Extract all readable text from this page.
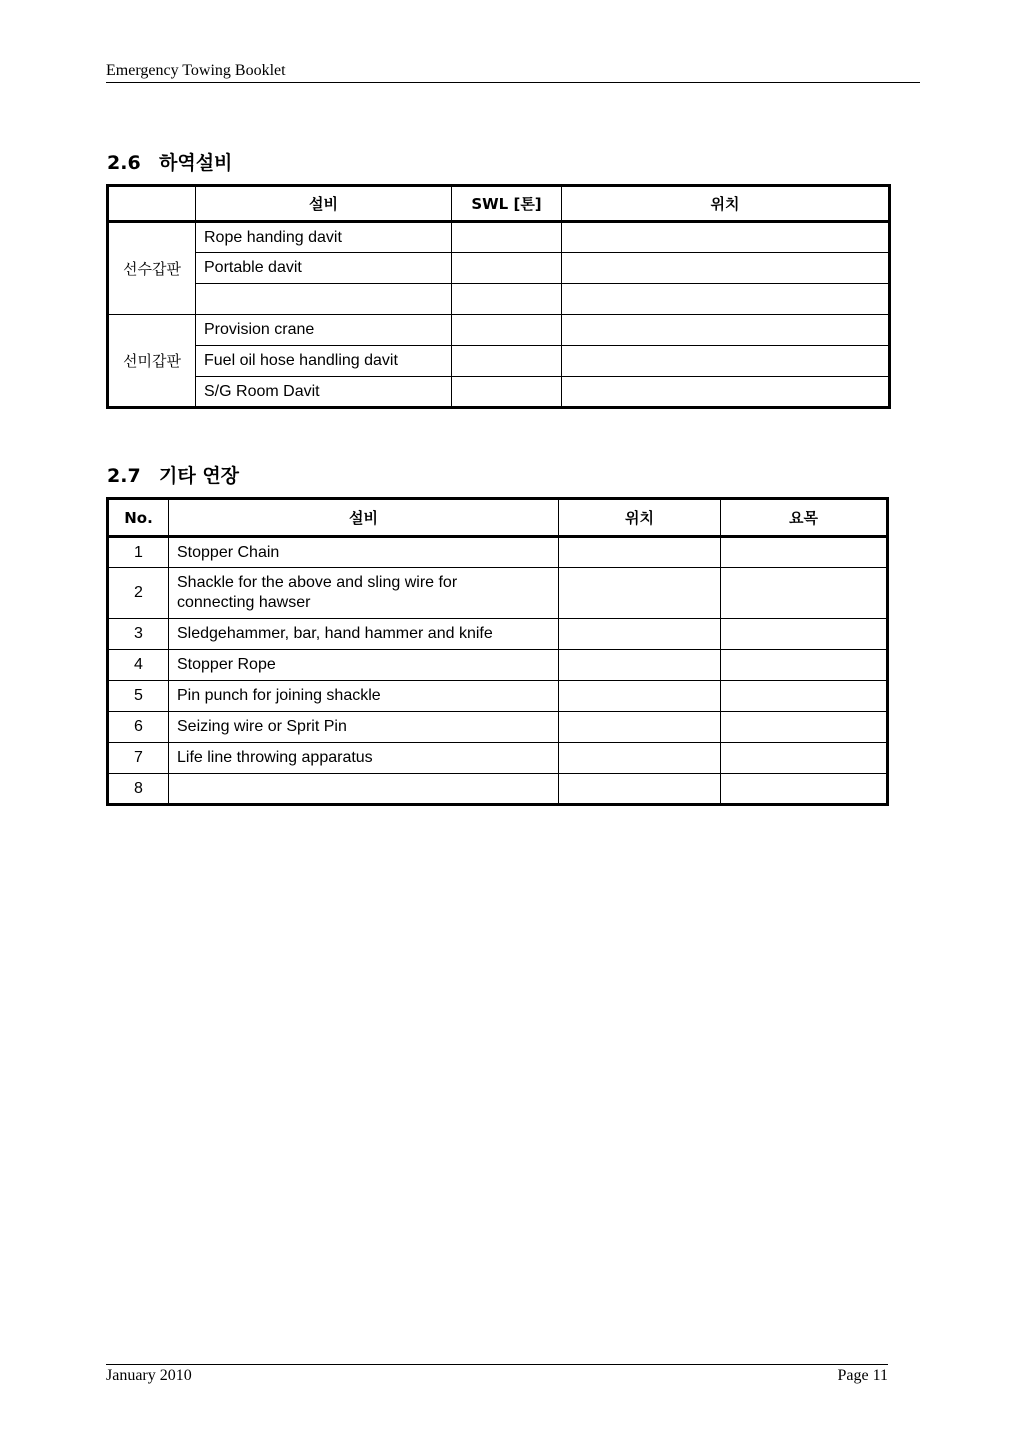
Emergency Towing Booklet
2.6 하역설비
	설비	SWL [톤]	위치
선수갑판	Rope handing davit		
	Portable davit		

선미갑판	Provision crane		
	Fuel oil hose handling davit		
	S/G Room Davit		
2.7 기타 연장
No.	설비	위치	요목
1	Stopper Chain		
2	Shackle for the above and sling wire for
connecting hawser		

3	Sledgehammer, bar, hand hammer and knife		
4	Stopper Rope		
5	Pin punch for joining shackle		
6	Seizing wire or Sprit Pin		
7	Life line throwing apparatus		
8			
January 2010	Page 11
